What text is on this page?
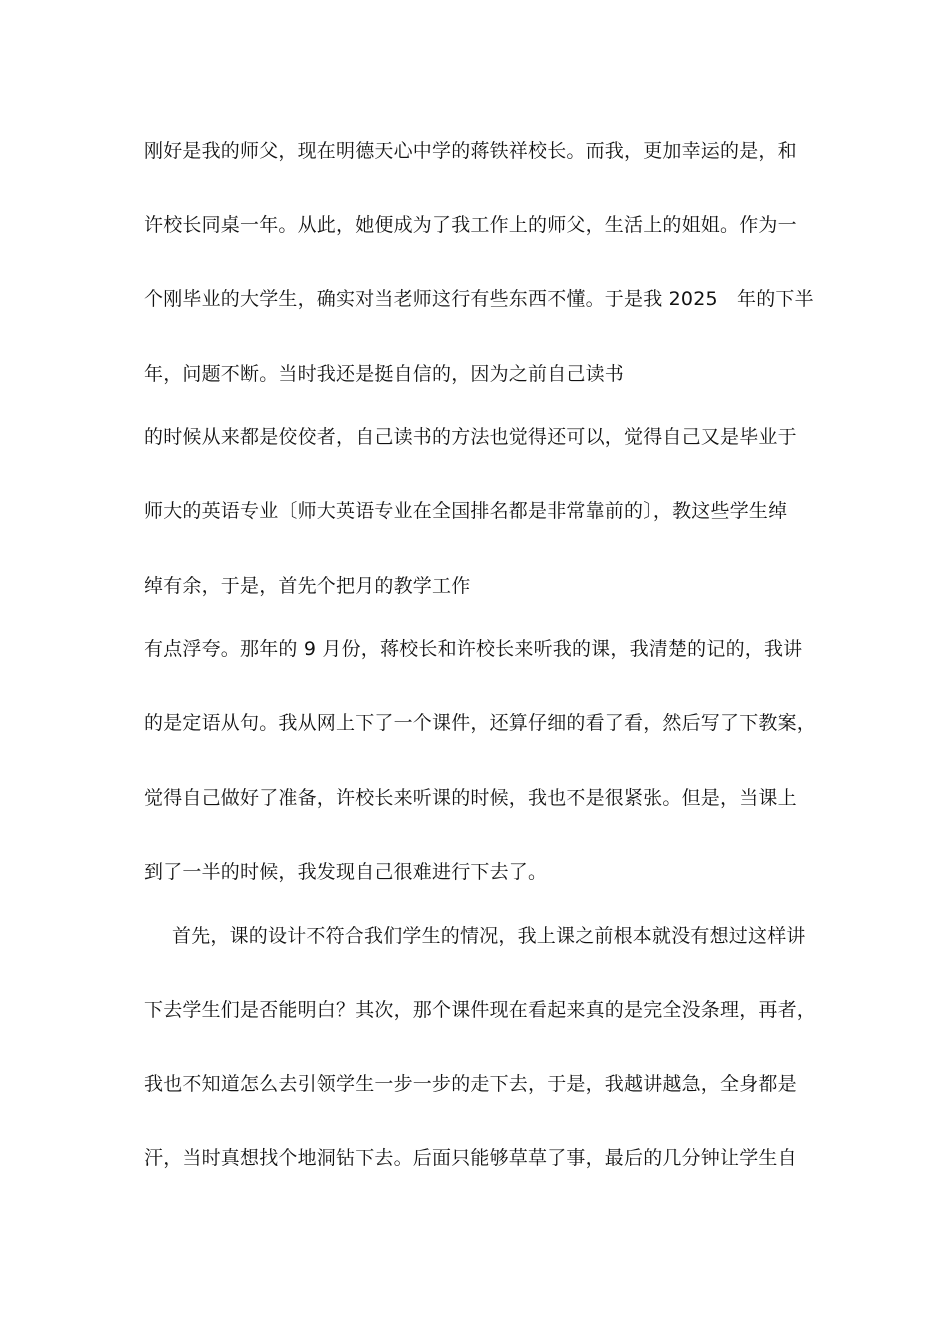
刚好是我的师父，现在明德天心中学的蒋铁祥校长。而我，更加幸运的是，和
许校长同桌一年。从此，她便成为了我工作上的师父，生活上的姐姐。作为一
个刚毕业的大学生，确实对当老师这行有些东西不懂。于是我 2025　年的下半
年，问题不断。当时我还是挺自信的，因为之前自己读书
的时候从来都是佼佼者，自己读书的方法也觉得还可以，觉得自己又是毕业于
师大的英语专业〔师大英语专业在全国排名都是非常靠前的〕，教这些学生绰
绰有余，于是，首先个把月的教学工作
有点浮夸。那年的 9 月份，蒋校长和许校长来听我的课，我清楚的记的，我讲
的是定语从句。我从网上下了一个课件，还算仔细的看了看，然后写了下教案，
觉得自己做好了准备，许校长来听课的时候，我也不是很紧张。但是，当课上
到了一半的时候，我发现自己很难进行下去了。
首先，课的设计不符合我们学生的情况，我上课之前根本就没有想过这样讲
下去学生们是否能明白？其次，那个课件现在看起来真的是完全没条理，再者，
我也不知道怎么去引领学生一步一步的走下去，于是，我越讲越急，全身都是
汗，当时真想找个地洞钻下去。后面只能够草草了事，最后的几分钟让学生自
